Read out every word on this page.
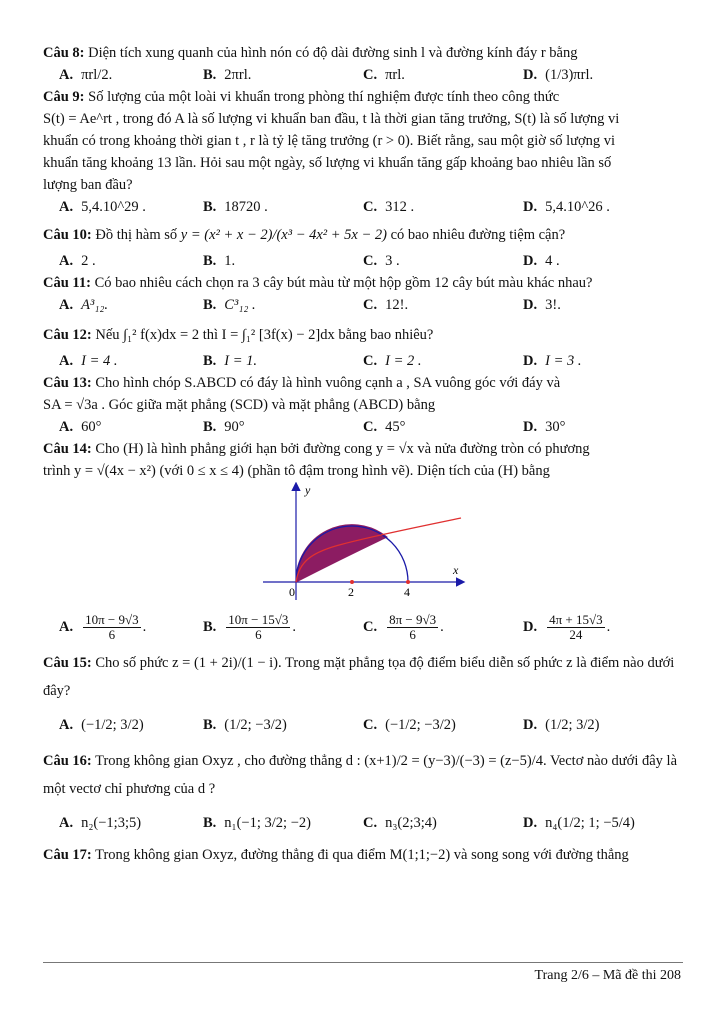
Câu 8: Diện tích xung quanh của hình nón có độ dài đường sinh l và đường kính đáy r bằng

A. πrl/2.	B. 2πrl.	C. πrl.	D. (1/3)πrl.

Câu 9: Số lượng của một loài vi khuẩn trong phòng thí nghiệm được tính theo công thức

S(t) = Ae^rt , trong đó A là số lượng vi khuẩn ban đầu, t là thời gian tăng trưởng, S(t) là số lượng vi

khuẩn có trong khoảng thời gian t , r là tỷ lệ tăng trưởng (r > 0). Biết rằng, sau một giờ số lượng vi

khuẩn tăng khoảng 13 lần. Hỏi sau một ngày, số lượng vi khuẩn tăng gấp khoảng bao nhiêu lần số

lượng ban đầu?

A. 5,4.10^29 .	B. 18720 .	C. 312 .	D. 5,4.10^26 .

Câu 10: Đồ thị hàm số y = (x² + x − 2)/(x³ − 4x² + 5x − 2) có bao nhiêu đường tiệm cận?

A. 2 .	B. 1.	C. 3 .	D. 4 .

Câu 11: Có bao nhiêu cách chọn ra 3 cây bút màu từ một hộp gồm 12 cây bút màu khác nhau?

A. A³₁₂.	B. C³₁₂ .	C. 12!.	D. 3!.

Câu 12: Nếu ∫₁² f(x)dx = 2 thì I = ∫₁² [3f(x) − 2]dx bằng bao nhiêu?

A. I = 4 .	B. I = 1.	C. I = 2 .	D. I = 3 .

Câu 13: Cho hình chóp S.ABCD có đáy là hình vuông cạnh a , SA vuông góc với đáy và

SA = √3a . Góc giữa mặt phẳng (SCD) và mặt phẳng (ABCD) bằng

A. 60°	B. 90°	C. 45°	D. 30°

Câu 14: Cho (H) là hình phẳng giới hạn bởi đường cong y = √x và nửa đường tròn có phương

trình y = √(4x − x²) (với 0 ≤ x ≤ 4) (phần tô đậm trong hình vẽ). Diện tích của (H) bằng

y
x
0	2	4
A. $\frac{10\pi - 9√3}{6}$ .	B. $\frac{10\pi - 15√3}{6}$ .	C. $\frac{8\pi - 9√3}{6}$ .	D. $\frac{4\pi + 15√3}{24}$ .

Câu 15: Cho số phức z = (1 + 2i)/(1 − i). Trong mặt phẳng tọa độ điểm biểu diễn số phức z là điểm nào dưới

đây?

A. (−1/2; 3/2)	B. (1/2; −3/2)	C. (−1/2; −3/2)	D. (1/2; 3/2)

Câu 16: Trong không gian Oxyz , cho đường thẳng d : (x+1)/2 = (y−3)/(−3) = (z−5)/4. Vectơ nào dưới đây là

một vectơ chỉ phương của d ?

A. n₂(−1;3;5)	B. n₁(−1; 3/2; −2)	C. n₃(2;3;4)	D. n₄(1/2; 1; −5/4)

Câu 17: Trong không gian Oxyz, đường thẳng đi qua điểm M(1;1;−2) và song song với đường thẳng

Trang 2/6 – Mã đề thi 208
